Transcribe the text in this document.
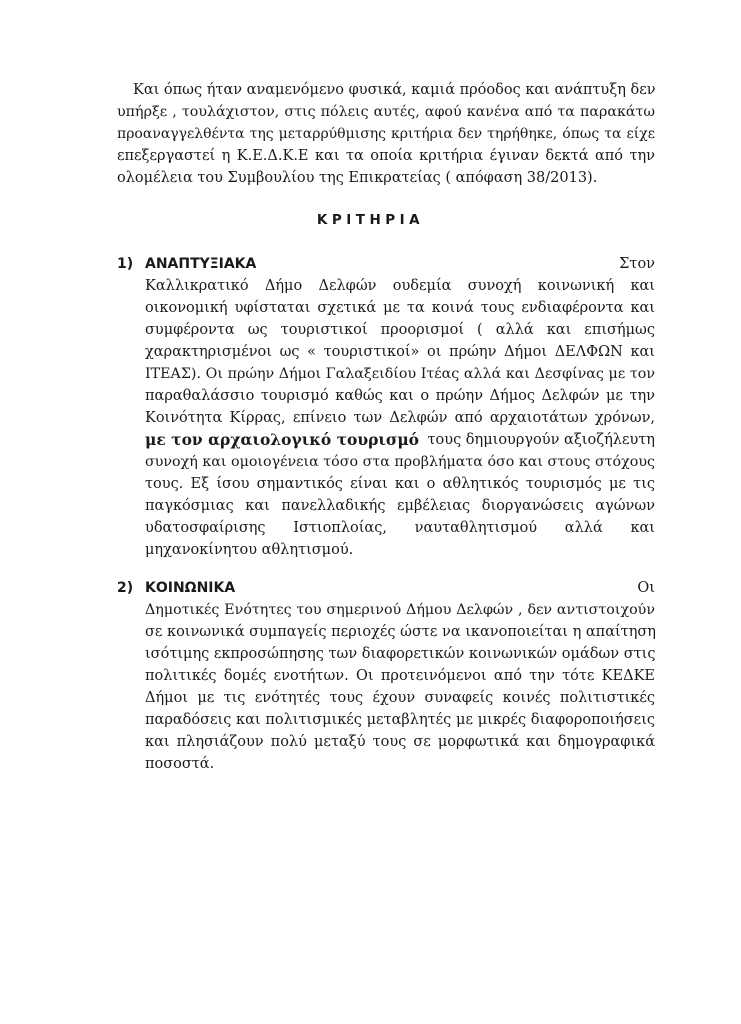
Και όπως ήταν αναμενόμενο φυσικά, καμιά πρόοδος και ανάπτυξη δεν
υπήρξε , τουλάχιστον, στις πόλεις αυτές, αφού κανένα από τα παρακάτω
προαναγγελθέντα της μεταρρύθμισης κριτήρια δεν τηρήθηκε, όπως τα είχε
επεξεργαστεί η Κ.Ε.Δ.Κ.Ε και τα οποία κριτήρια έγιναν δεκτά από την
ολομέλεια του Συμβουλίου της Επικρατείας ( απόφαση 38/2013).
ΚΡΙΤΗΡΙΑ
1) ΑΝΑΠΤΥΞΙΑΚΑ	Στον
Καλλικρατικό Δήμο Δελφών ουδεμία συνοχή κοινωνική και
οικονομική υφίσταται σχετικά με τα κοινά τους ενδιαφέροντα και
συμφέροντα ως τουριστικοί προορισμοί ( αλλά και επισήμως
χαρακτηρισμένοι ως « τουριστικοί» οι πρώην Δήμοι ΔΕΛΦΩΝ και
ΙΤΕΑΣ). Οι πρώην Δήμοι Γαλαξειδίου Ιτέας αλλά και Δεσφίνας με τον
παραθαλάσσιο τουρισμό καθώς και ο πρώην Δήμος Δελφών με την
Κοινότητα Κίρρας, επίνειο των Δελφών από αρχαιοτάτων χρόνων,
με τον αρχαιολογικό τουρισμό τους δημιουργούν αξιοζήλευτη
συνοχή και ομοιογένεια τόσο στα προβλήματα όσο και στους στόχους
τους. Εξ ίσου σημαντικός είναι και ο αθλητικός τουρισμός με τις
παγκόσμιας και πανελλαδικής εμβέλειας διοργανώσεις αγώνων
υδατοσφαίρισης Ιστιοπλοίας, ναυταθλητισμού αλλά και
μηχανοκίνητου αθλητισμού.
2) ΚΟΙΝΩΝΙΚΑ	Οι
Δημοτικές Ενότητες του σημερινού Δήμου Δελφών , δεν αντιστοιχούν
σε κοινωνικά συμπαγείς περιοχές ώστε να ικανοποιείται η απαίτηση
ισότιμης εκπροσώπησης των διαφορετικών κοινωνικών ομάδων στις
πολιτικές δομές ενοτήτων. Οι προτεινόμενοι από την τότε ΚΕΔΚΕ
Δήμοι με τις ενότητές τους έχουν συναφείς κοινές πολιτιστικές
παραδόσεις και πολιτισμικές μεταβλητές με μικρές διαφοροποιήσεις
και πλησιάζουν πολύ μεταξύ τους σε μορφωτικά και δημογραφικά
ποσοστά.
